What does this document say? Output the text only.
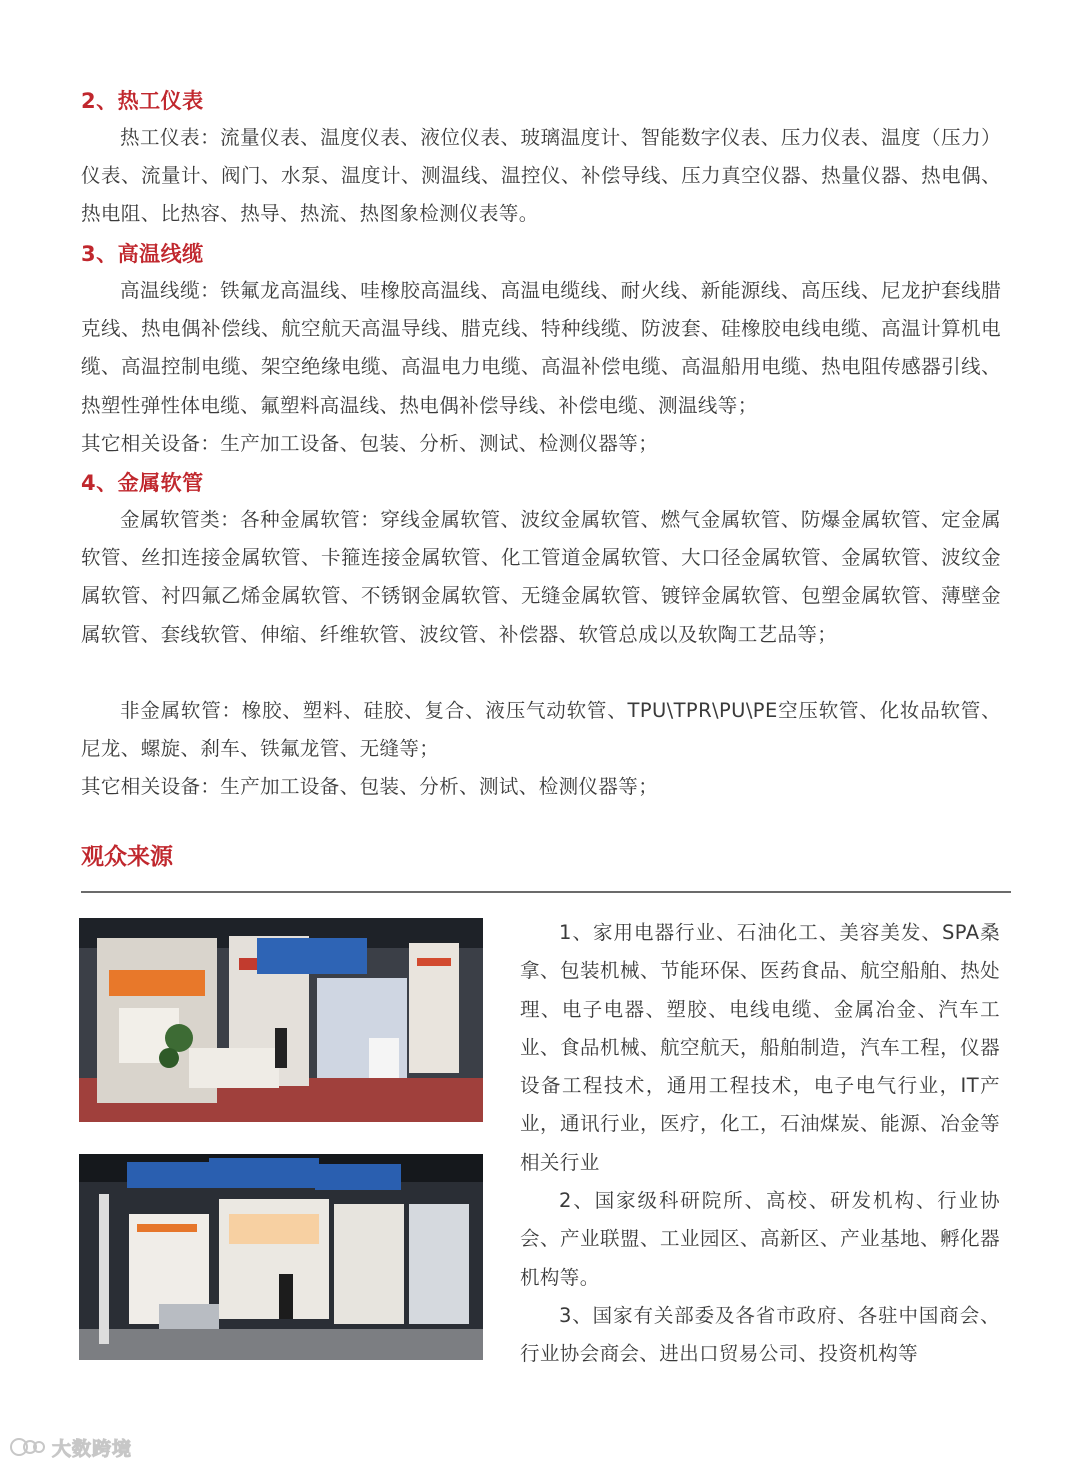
2、热工仪表

热工仪表：流量仪表、温度仪表、液位仪表、玻璃温度计、智能数字仪表、压力仪表、温度（压力）仪表、流量计、阀门、水泵、温度计、测温线、温控仪、补偿导线、压力真空仪器、热量仪器、热电偶、热电阻、比热容、热导、热流、热图象检测仪表等。

3、高温线缆

高温线缆：铁氟龙高温线、哇橡胶高温线、高温电缆线、耐火线、新能源线、高压线、尼龙护套线腊克线、热电偶补偿线、航空航天高温导线、腊克线、特种线缆、防波套、硅橡胶电线电缆、高温计算机电缆、高温控制电缆、架空绝缘电缆、高温电力电缆、高温补偿电缆、高温船用电缆、热电阻传感器引线、热塑性弹性体电缆、氟塑料高温线、热电偶补偿导线、补偿电缆、测温线等；

其它相关设备：生产加工设备、包装、分析、测试、检测仪器等；

4、金属软管

金属软管类：各种金属软管：穿线金属软管、波纹金属软管、燃气金属软管、防爆金属软管、定金属软管、丝扣连接金属软管、卡箍连接金属软管、化工管道金属软管、大口径金属软管、金属软管、波纹金属软管、衬四氟乙烯金属软管、不锈钢金属软管、无缝金属软管、镀锌金属软管、包塑金属软管、薄壁金属软管、套线软管、伸缩、纤维软管、波纹管、补偿器、软管总成以及软陶工艺品等；

非金属软管：橡胶、塑料、硅胶、复合、液压气动软管、TPU\TPR\PU\PE空压软管、化妆品软管、尼龙、螺旋、刹车、铁氟龙管、无缝等；

其它相关设备：生产加工设备、包装、分析、测试、检测仪器等；

观众来源

1、家用电器行业、石油化工、美容美发、SPA桑拿、包装机械、节能环保、医药食品、航空船舶、热处理、电子电器、塑胶、电线电缆、金属冶金、汽车工业、食品机械、航空航天，船舶制造，汽车工程，仪器设备工程技术，通用工程技术，电子电气行业，IT产业，通讯行业，医疗，化工，石油煤炭、能源、冶金等相关行业

2、国家级科研院所、高校、研发机构、行业协会、产业联盟、工业园区、高新区、产业基地、孵化器机构等。

3、国家有关部委及各省市政府、各驻中国商会、行业协会商会、进出口贸易公司、投资机构等

大数跨境
